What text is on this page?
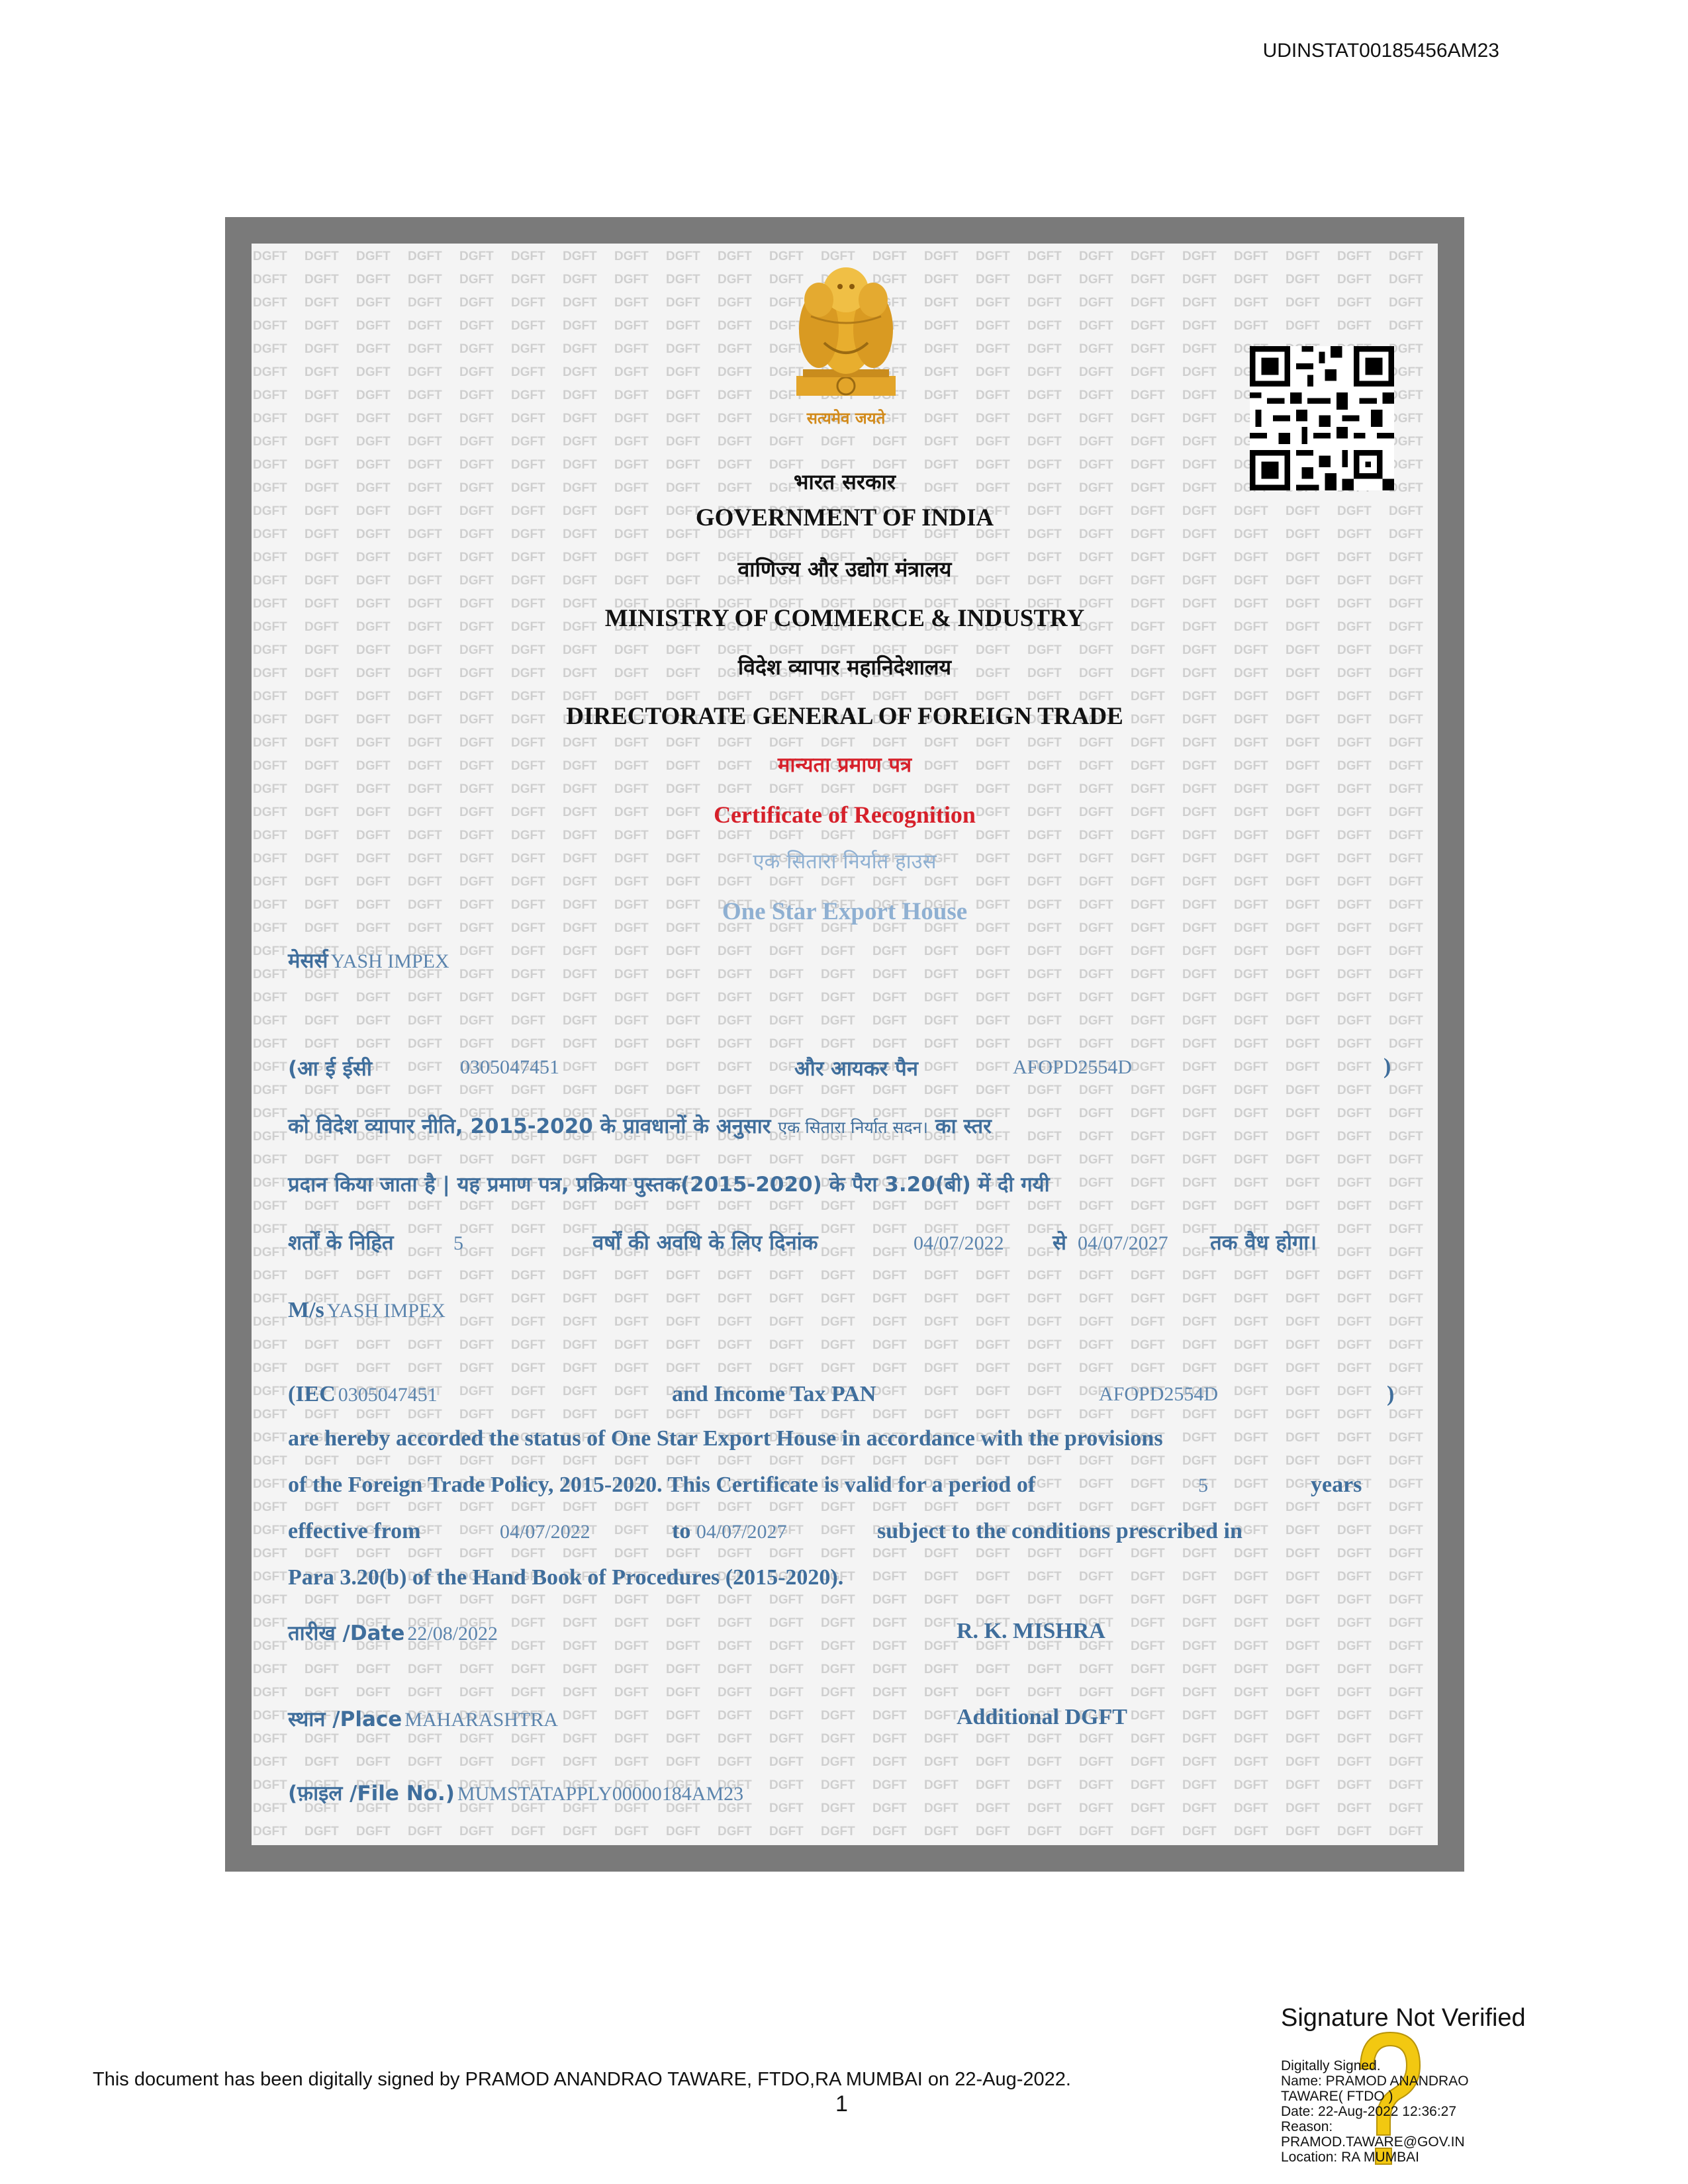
UDINSTAT00185456AM23
सत्यमेव जयते
भारत सरकार
GOVERNMENT OF INDIA
वाणिज्य और उद्योग मंत्रालय
MINISTRY OF COMMERCE & INDUSTRY
विदेश व्यापार महानिदेशालय
DIRECTORATE GENERAL OF FOREIGN TRADE
मान्यता प्रमाण पत्र
Certificate of Recognition
एक सितारा निर्यात हाउस
One Star Export House
मेसर्स YASH IMPEX
(आ ई ईसी	0305047451	और आयकर पैन	AFOPD2554D	)
को विदेश व्यापार नीति, 2015-2020 के प्रावधानों के अनुसार एक सितारा निर्यात सदन। का स्तर
प्रदान किया जाता है | यह प्रमाण पत्र, प्रक्रिया पुस्तक(2015-2020) के पैरा 3.20(बी) में दी गयी
शर्तों के निहित	5	वर्षों की अवधि के लिए दिनांक	04/07/2022 से 04/07/2027 तक वैध होगा।
M/s YASH IMPEX
(IEC 0305047451	and Income Tax PAN	AFOPD2554D	)
are hereby accorded the status of One Star Export House in accordance with the provisions
of the Foreign Trade Policy, 2015-2020. This Certificate is valid for a period of	5	years
effective from	04/07/2022	to 04/07/2027	subject to the conditions prescribed in
Para 3.20(b) of the Hand Book of Procedures (2015-2020).
तारीख /Date 22/08/2022	R. K. MISHRA
स्थान /Place MAHARASHTRA	Additional DGFT
(फ़ाइल /File No.) MUMSTATAPPLY00000184AM23
This document has been digitally signed by PRAMOD ANANDRAO TAWARE, FTDO,RA MUMBAI on 22-Aug-2022.
1
Signature Not Verified
Digitally Signed.
Name: PRAMOD ANANDRAO
TAWARE( FTDO )
Date: 22-Aug-2022 12:36:27
Reason:
PRAMOD.TAWARE@GOV.IN
Location: RA MUMBAI
